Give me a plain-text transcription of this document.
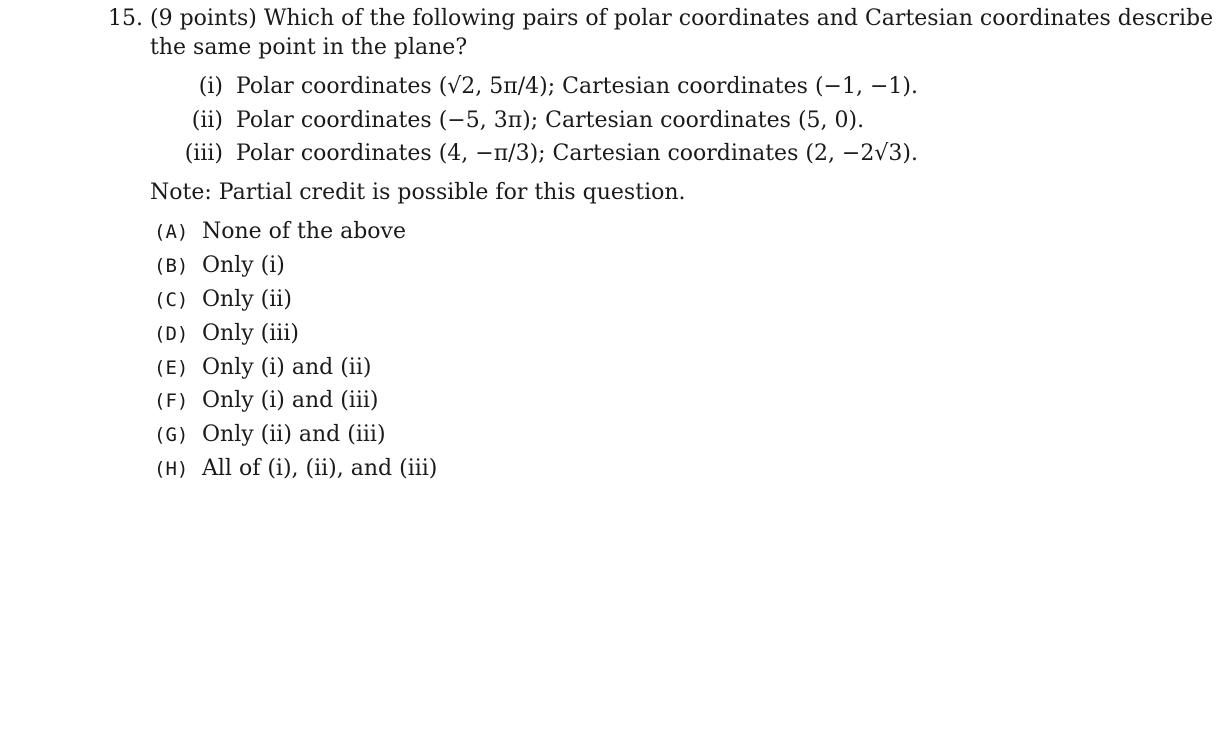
15. (9 points) Which of the following pairs of polar coordinates and Cartesian coordinates describe
the same point in the plane?
(i) Polar coordinates (√2, 5π/4); Cartesian coordinates (−1, −1).
(ii) Polar coordinates (−5, 3π); Cartesian coordinates (5, 0).
(iii) Polar coordinates (4, −π/3); Cartesian coordinates (2, −2√3).
Note: Partial credit is possible for this question.
(A) None of the above
(B) Only (i)
(C) Only (ii)
(D) Only (iii)
(E) Only (i) and (ii)
(F) Only (i) and (iii)
(G) Only (ii) and (iii)
(H) All of (i), (ii), and (iii)
